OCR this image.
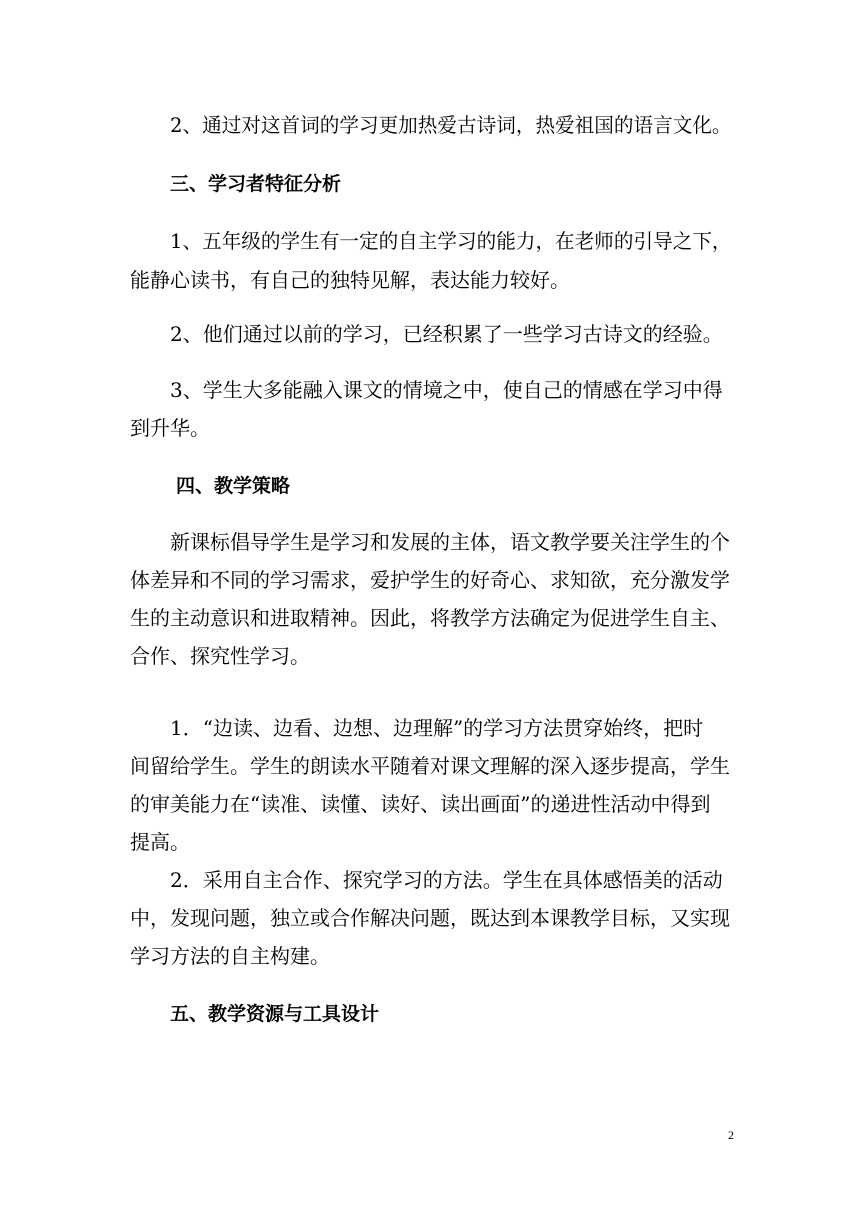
2、通过对这首词的学习更加热爱古诗词，热爱祖国的语言文化。
三、学习者特征分析
1、五年级的学生有一定的自主学习的能力，在老师的引导之下，
能静心读书，有自己的独特见解，表达能力较好。
2、他们通过以前的学习，已经积累了一些学习古诗文的经验。
3、学生大多能融入课文的情境之中，使自己的情感在学习中得
到升华。
四、教学策略
新课标倡导学生是学习和发展的主体，语文教学要关注学生的个
体差异和不同的学习需求，爱护学生的好奇心、求知欲，充分激发学
生的主动意识和进取精神。因此，将教学方法确定为促进学生自主、
合作、探究性学习。
1．“边读、边看、边想、边理解”的学习方法贯穿始终，把时
间留给学生。学生的朗读水平随着对课文理解的深入逐步提高，学生
的审美能力在“读准、读懂、读好、读出画面”的递进性活动中得到
提高。
2．采用自主合作、探究学习的方法。学生在具体感悟美的活动
中，发现问题，独立或合作解决问题，既达到本课教学目标，又实现
学习方法的自主构建。
五、教学资源与工具设计
2
